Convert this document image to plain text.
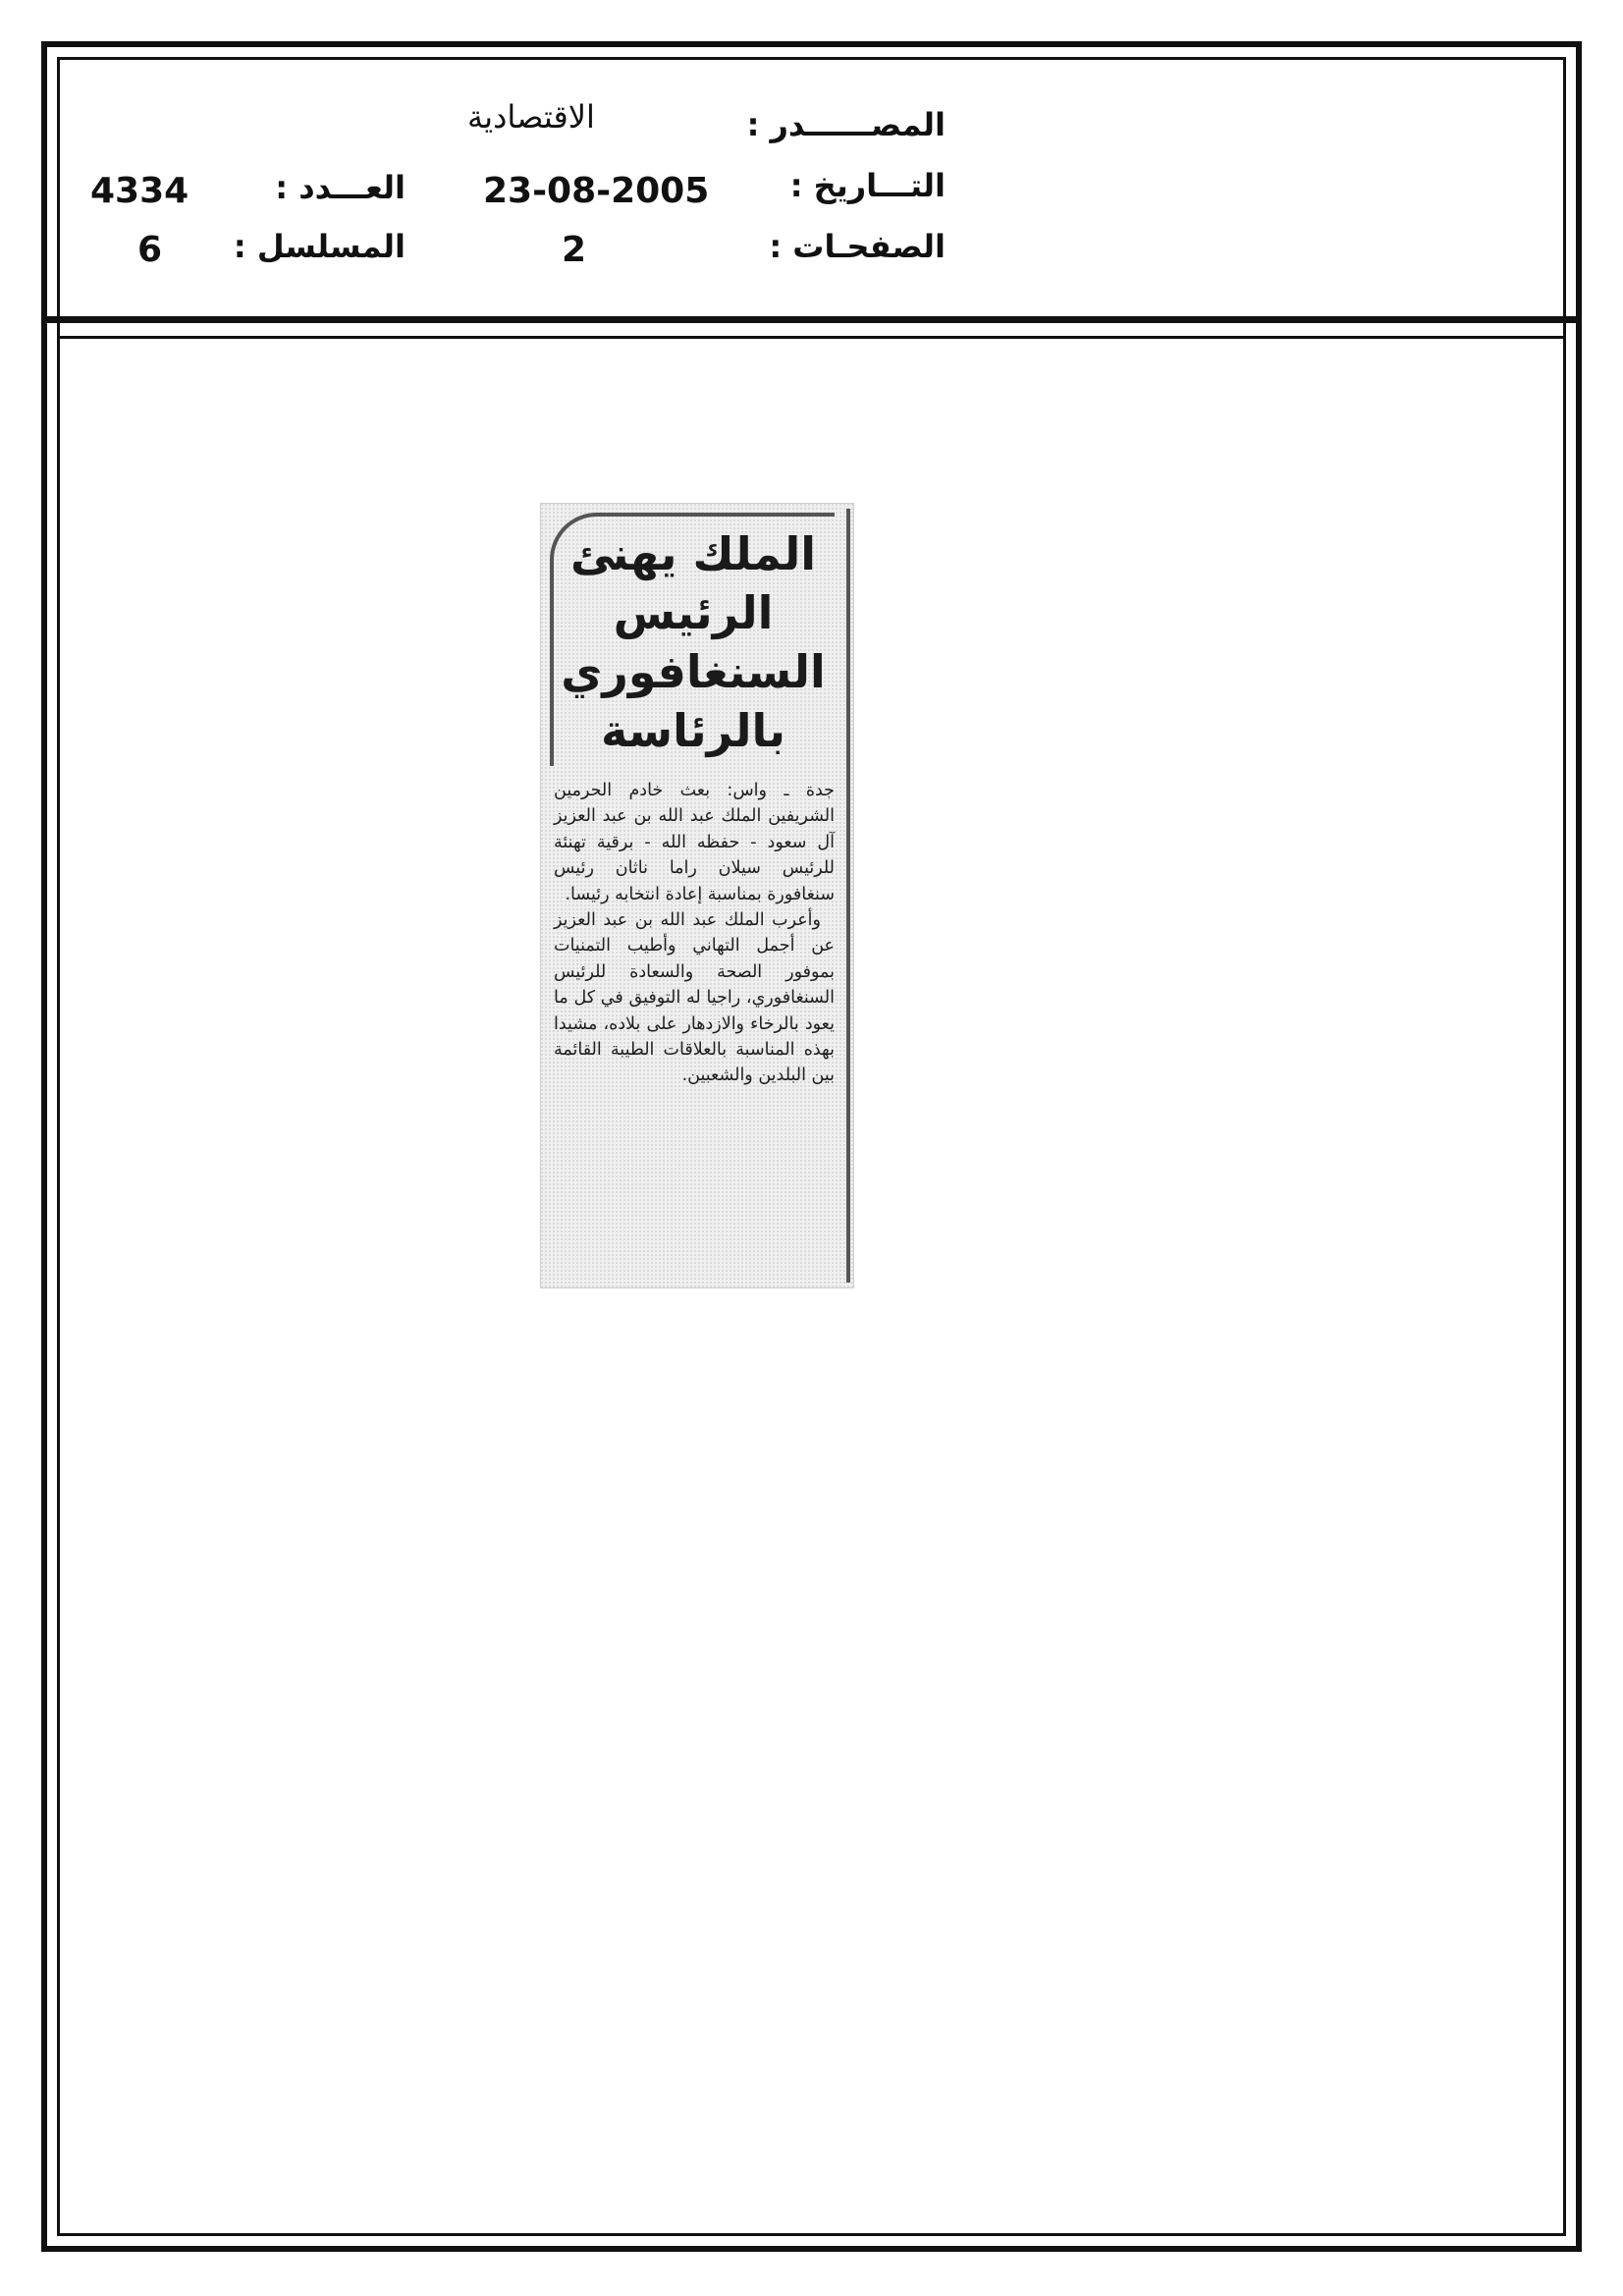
المصــــــدر :
الاقتصادية
التـــاريخ :
23-08-2005
العـــدد :
4334
الصفحـات :
2
المسلسل :
6
الملك يهنئ الرئيس السنغافوري بالرئاسة

جدة ـ واس: بعث خادم الحرمين الشريفين الملك عبد الله بن عبد العزيز آل سعود - حفظه الله - برقية تهنئة للرئيس سيلان راما ناثان رئيس سنغافورة بمناسبة إعادة انتخابه رئيسا.

وأعرب الملك عبد الله بن عبد العزيز عن أجمل التهاني وأطيب التمنيات بموفور الصحة والسعادة للرئيس السنغافوري، راجيا له التوفيق في كل ما يعود بالرخاء والازدهار على بلاده، مشيدا بهذه المناسبة بالعلاقات الطيبة القائمة بين البلدين والشعبين.
